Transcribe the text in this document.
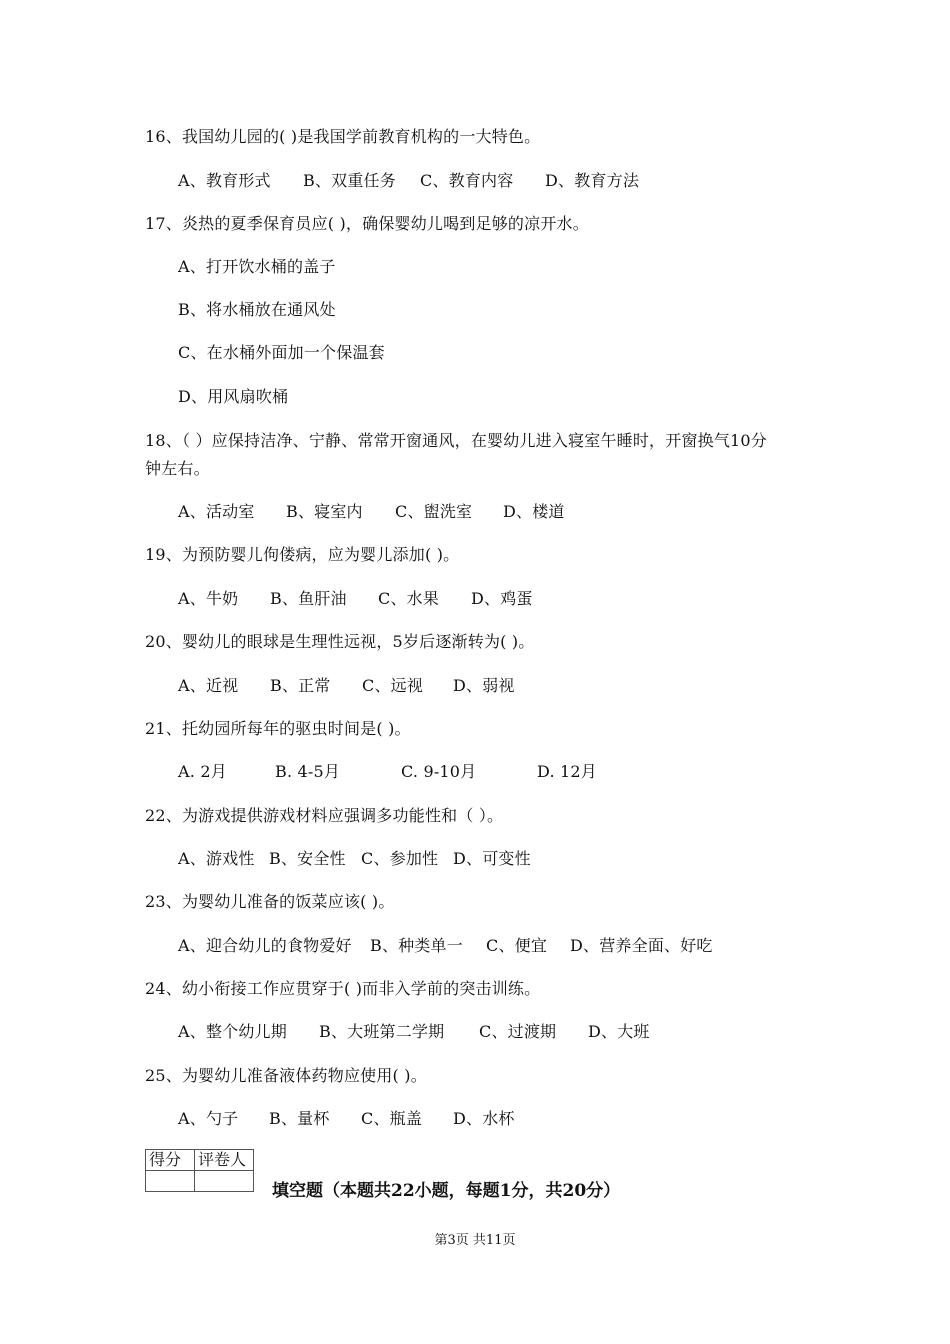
16、我国幼儿园的( )是我国学前教育机构的一大特色。
A、教育形式 B、双重任务 C、教育内容 D、教育方法
17、炎热的夏季保育员应( )，确保婴幼儿喝到足够的凉开水。
A、打开饮水桶的盖子
B、将水桶放在通风处
C、在水桶外面加一个保温套
D、用风扇吹桶
18、（ ）应保持洁净、宁静、常常开窗通风，在婴幼儿进入寝室午睡时，开窗换气10分
钟左右。
A、活动室 B、寝室内 C、盥洗室 D、楼道
19、为预防婴儿佝偻病，应为婴儿添加( )。
A、牛奶 B、鱼肝油 C、水果 D、鸡蛋
20、婴幼儿的眼球是生理性远视，5岁后逐渐转为( )。
A、近视 B、正常 C、远视 D、弱视
21、托幼园所每年的驱虫时间是( )。
A. 2月	B. 4-5月	C. 9-10月	D. 12月
22、为游戏提供游戏材料应强调多功能性和（ ）。
A、游戏性 B、安全性 C、参加性 D、可变性
23、为婴幼儿准备的饭菜应该( )。
A、迎合幼儿的食物爱好 B、种类单一 C、便宜 D、营养全面、好吃
24、幼小衔接工作应贯穿于( )而非入学前的突击训练。
A、整个幼儿期 B、大班第二学期 C、过渡期 D、大班
25、为婴幼儿准备液体药物应使用( )。
A、勺子 B、量杯 C、瓶盖 D、水杯
得分	评卷人

填空题（本题共22小题，每题1分，共20分）
第3页 共11页
